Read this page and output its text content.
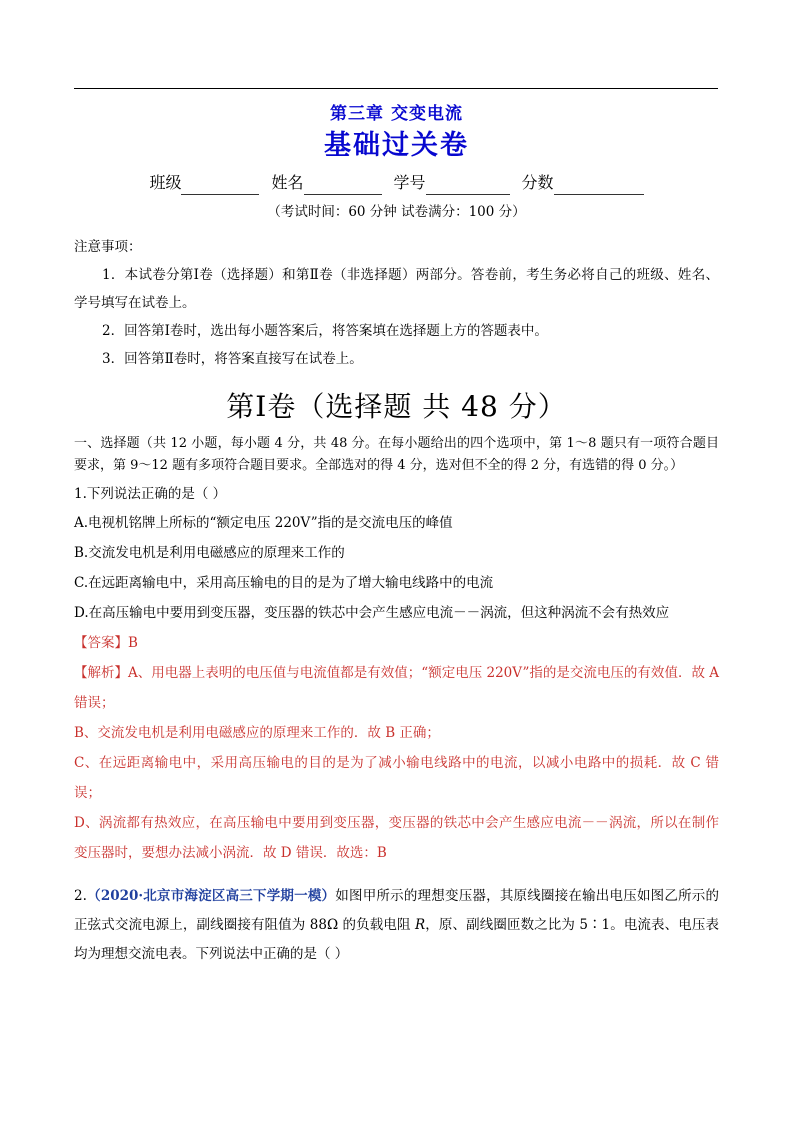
第三章 交变电流
基础过关卷
班级	姓名	学号	分数
（考试时间：60 分钟 试卷满分：100 分）

注意事项：

1．本试卷分第Ⅰ卷（选择题）和第Ⅱ卷（非选择题）两部分。答卷前，考生务必将自己的班级、姓名、学号填写在试卷上。

2．回答第Ⅰ卷时，选出每小题答案后，将答案填在选择题上方的答题表中。

3．回答第Ⅱ卷时，将答案直接写在试卷上。

第Ⅰ卷（选择题 共 48 分）

一、选择题（共 12 小题，每小题 4 分，共 48 分。在每小题给出的四个选项中，第 1～8 题只有一项符合题目要求，第 9～12 题有多项符合题目要求。全部选对的得 4 分，选对但不全的得 2 分，有选错的得 0 分。）

1.下列说法正确的是（ ）

A.电视机铭牌上所标的“额定电压 220V”指的是交流电压的峰值

B.交流发电机是利用电磁感应的原理来工作的

C.在远距离输电中，采用高压输电的目的是为了增大输电线路中的电流

D.在高压输电中要用到变压器，变压器的铁芯中会产生感应电流－－涡流，但这种涡流不会有热效应

【答案】B

【解析】A、用电器上表明的电压值与电流值都是有效值；“额定电压 220V”指的是交流电压的有效值．故 A 错误；

B、交流发电机是利用电磁感应的原理来工作的．故 B 正确；

C、在远距离输电中，采用高压输电的目的是为了减小输电线路中的电流，以减小电路中的损耗．故 C 错误；

D、涡流都有热效应，在高压输电中要用到变压器，变压器的铁芯中会产生感应电流－－涡流，所以在制作变压器时，要想办法减小涡流．故 D 错误．故选：B

2.（2020·北京市海淀区高三下学期一模）如图甲所示的理想变压器，其原线圈接在输出电压如图乙所示的正弦式交流电源上，副线圈接有阻值为 88Ω 的负载电阻 R，原、副线圈匝数之比为 5∶1。电流表、电压表均为理想交流电表。下列说法中正确的是（ ）
